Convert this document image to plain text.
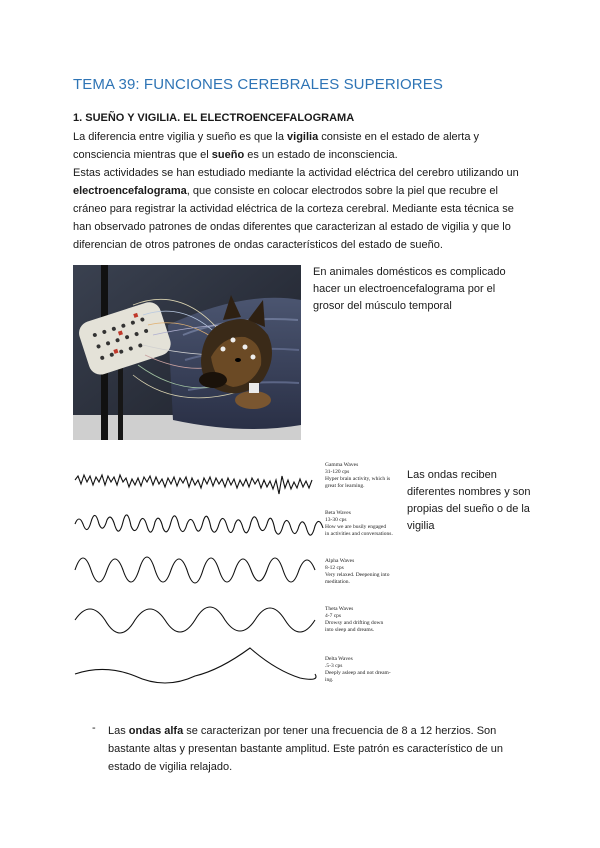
TEMA 39: FUNCIONES CEREBRALES SUPERIORES
1. SUEÑO Y VIGILIA. EL ELECTROENCEFALOGRAMA
La diferencia entre vigilia y sueño es que la vigilia consiste en el estado de alerta y consciencia mientras que el sueño es un estado de inconsciencia.
Estas actividades se han estudiado mediante la actividad eléctrica del cerebro utilizando un electroencefalograma, que consiste en colocar electrodos sobre la piel que recubre el cráneo para registrar la actividad eléctrica de la corteza cerebral. Mediante esta técnica se han observado patrones de ondas diferentes que caracterizan al estado de vigilia y que lo diferencian de otros patrones de ondas característicos del estado de sueño.
En animales domésticos es complicado hacer un electroencefalograma por el grosor del músculo temporal
Gamma Waves
31-120 cps
Hyper brain activity, which is
great for learning.
Beta Waves
13-30 cps
How we are busily engaged
in activities and conversations.
Alpha Waves
8-12 cps
Very relaxed. Deepening into
meditation.
Theta Waves
4-7 cps
Drowsy and drifting down
into sleep and dreams.
Delta Waves
.5-3 cps
Deeply asleep and not dream-
ing.
Las ondas reciben diferentes nombres y son propias del sueño o de la vigilia
- Las ondas alfa se caracterizan por tener una frecuencia de 8 a 12 herzios. Son bastante altas y presentan bastante amplitud. Este patrón es característico de un estado de vigilia relajado.
